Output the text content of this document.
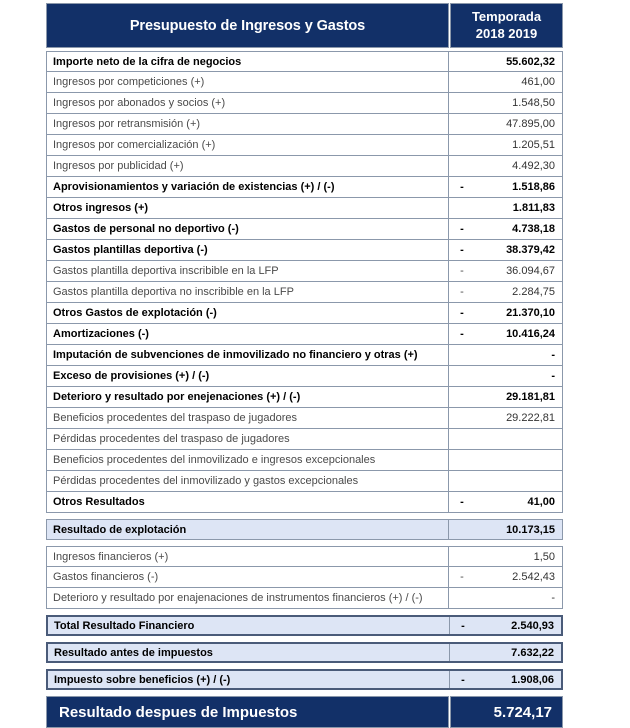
Presupuesto de Ingresos y Gastos
Temporada
2018 2019
Importe neto de la cifra de negocios	55.602,32
Ingresos por competiciones (+)	461,00
Ingresos por abonados y socios (+)	1.548,50
Ingresos por retransmisión (+)	47.895,00
Ingresos por comercialización (+)	1.205,51
Ingresos por publicidad (+)	4.492,30
Aprovisionamientos y variación de existencias (+) / (-)	-	1.518,86
Otros ingresos (+)	1.811,83
Gastos de personal no deportivo (-)	-	4.738,18
Gastos plantillas deportiva (-)	-	38.379,42
Gastos plantilla deportiva inscribible en la LFP	-	36.094,67
Gastos plantilla deportiva no inscribible en la LFP	-	2.284,75
Otros Gastos de explotación (-)	-	21.370,10
Amortizaciones (-)	-	10.416,24
Imputación de subvenciones de inmovilizado no financiero y otras (+)	-
Exceso de provisiones (+) / (-)	-
Deterioro y resultado por enejenaciones (+) / (-)	29.181,81
Beneficios procedentes del traspaso de jugadores	29.222,81
Pérdidas procedentes del traspaso de jugadores
Beneficios procedentes del inmovilizado e ingresos excepcionales
Pérdidas procedentes del inmovilizado y gastos excepcionales
Otros Resultados	-	41,00
Resultado de explotación	10.173,15
Ingresos financieros (+)	1,50
Gastos financieros (-)	-	2.542,43
Deterioro y resultado por enajenaciones de instrumentos financieros (+) / (-)	-
Total Resultado Financiero	-	2.540,93
Resultado antes de impuestos	7.632,22
Impuesto sobre beneficios (+) / (-)	-	1.908,06
Resultado despues de Impuestos	5.724,17
